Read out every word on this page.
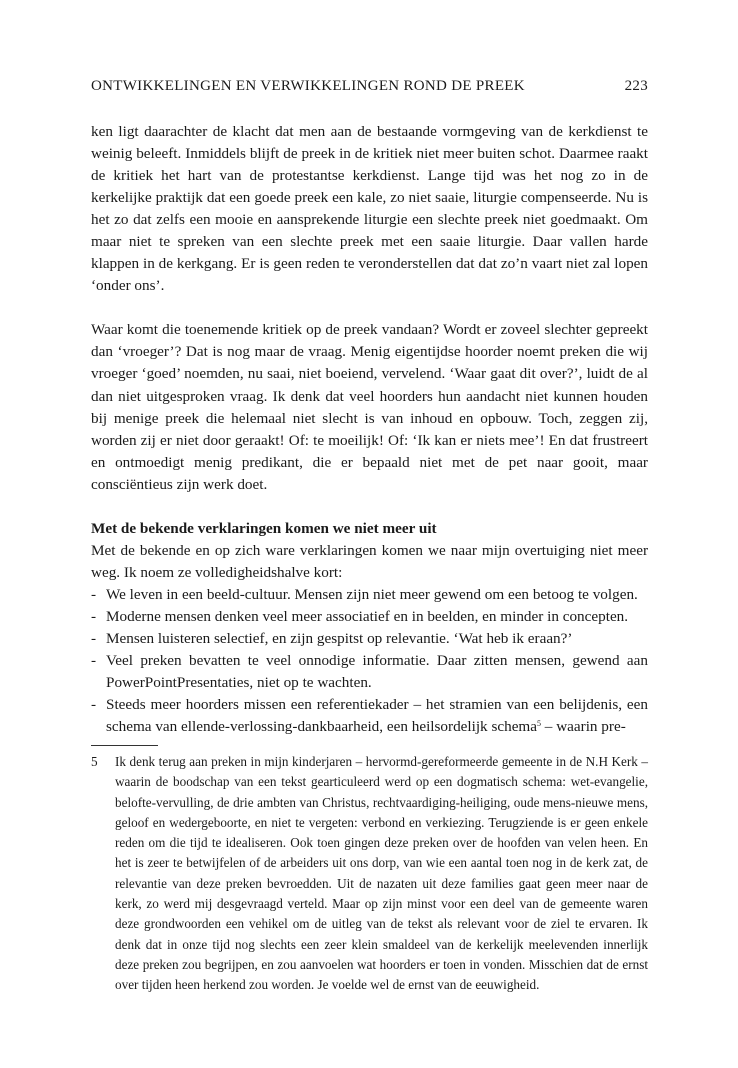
ONTWIKKELINGEN EN VERWIKKELINGEN ROND DE PREEK	223

ken ligt daarachter de klacht dat men aan de bestaande vormgeving van de kerkdienst te weinig beleeft. Inmiddels blijft de preek in de kritiek niet meer buiten schot. Daarmee raakt de kritiek het hart van de protestantse kerkdienst. Lange tijd was het nog zo in de kerkelijke praktijk dat een goede preek een kale, zo niet saaie, liturgie compenseerde. Nu is het zo dat zelfs een mooie en aansprekende liturgie een slechte preek niet goedmaakt. Om maar niet te spreken van een slechte preek met een saaie liturgie. Daar vallen harde klappen in de kerkgang. Er is geen reden te veronderstellen dat dat zo’n vaart niet zal lopen ‘onder ons’.

Waar komt die toenemende kritiek op de preek vandaan? Wordt er zoveel slechter gepreekt dan ‘vroeger’? Dat is nog maar de vraag. Menig eigentijdse hoorder noemt preken die wij vroeger ‘goed’ noemden, nu saai, niet boeiend, vervelend. ‘Waar gaat dit over?’, luidt de al dan niet uitgesproken vraag. Ik denk dat veel hoorders hun aandacht niet kunnen houden bij menige preek die helemaal niet slecht is van inhoud en opbouw. Toch, zeggen zij, worden zij er niet door geraakt! Of: te moeilijk! Of: ‘Ik kan er niets mee’! En dat frustreert en ontmoedigt menig predikant, die er bepaald niet met de pet naar gooit, maar consciëntieus zijn werk doet.

Met de bekende verklaringen komen we niet meer uit

Met de bekende en op zich ware verklaringen komen we naar mijn overtuiging niet meer weg. Ik noem ze volledigheidshalve kort:

- We leven in een beeld-cultuur. Mensen zijn niet meer gewend om een betoog te volgen.
- Moderne mensen denken veel meer associatief en in beelden, en minder in concepten.
- Mensen luisteren selectief, en zijn gespitst op relevantie. ‘Wat heb ik eraan?’
- Veel preken bevatten te veel onnodige informatie. Daar zitten mensen, gewend aan PowerPointPresentaties, niet op te wachten.
- Steeds meer hoorders missen een referentiekader – het stramien van een belijdenis, een schema van ellende-verlossing-dankbaarheid, een heilsordelijk schema$^5$ – waarin pre-
5 Ik denk terug aan preken in mijn kinderjaren – hervormd-gereformeerde gemeente in de N.H Kerk – waarin de boodschap van een tekst gearticuleerd werd op een dogmatisch schema: wet-evangelie, belofte-vervulling, de drie ambten van Christus, rechtvaardiging-heiliging, oude mens-nieuwe mens, geloof en wedergeboorte, en niet te vergeten: verbond en verkiezing. Terugziende is er geen enkele reden om die tijd te idealiseren. Ook toen gingen deze preken over de hoofden van velen heen. En het is zeer te betwijfelen of de arbeiders uit ons dorp, van wie een aantal toen nog in de kerk zat, de relevantie van deze preken bevroedden. Uit de nazaten uit deze families gaat geen meer naar de kerk, zo werd mij desgevraagd verteld. Maar op zijn minst voor een deel van de gemeente waren deze grondwoorden een vehikel om de uitleg van de tekst als relevant voor de ziel te ervaren. Ik denk dat in onze tijd nog slechts een zeer klein smaldeel van de kerkelijk meelevenden innerlijk deze preken zou begrijpen, en zou aanvoelen wat hoorders er toen in vonden. Misschien dat de ernst over tijden heen herkend zou worden. Je voelde wel de ernst van de eeuwigheid.
